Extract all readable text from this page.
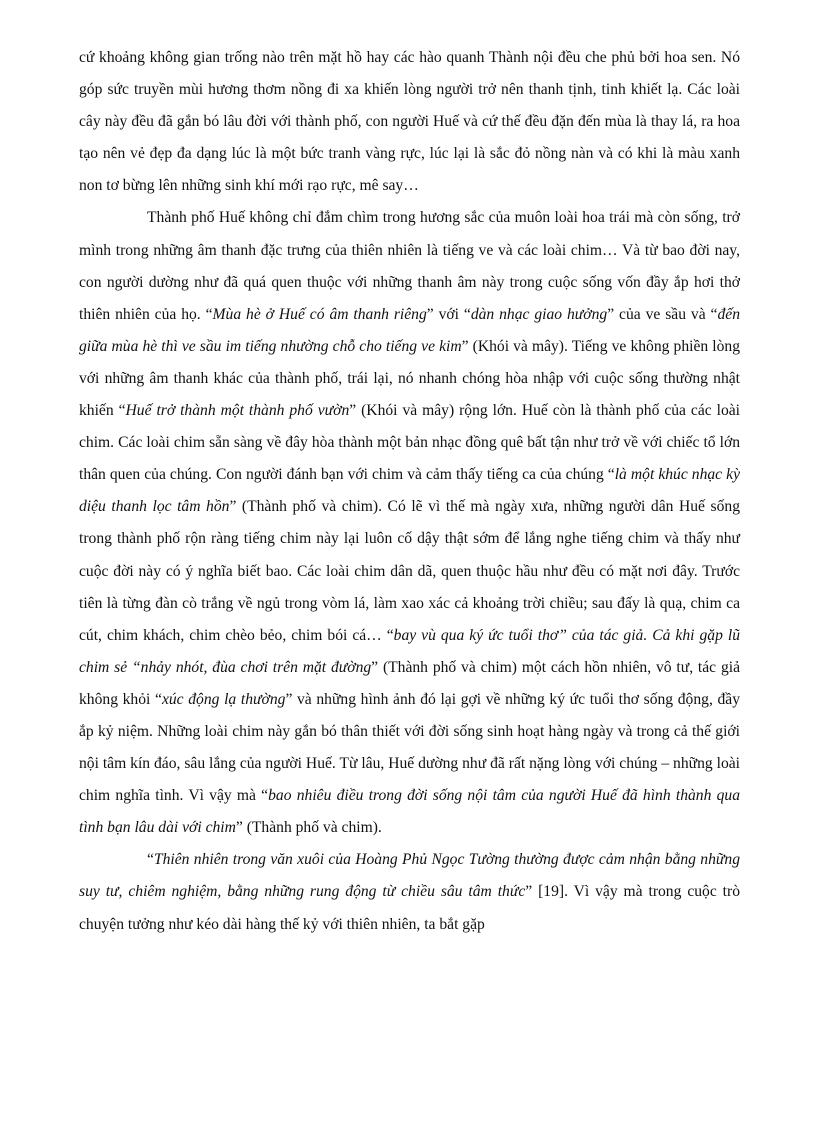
cứ khoảng không gian trống nào trên mặt hồ hay các hào quanh Thành nội đều che phủ bởi hoa sen. Nó góp sức truyền mùi hương thơm nồng đi xa khiến lòng người trở nên thanh tịnh, tinh khiết lạ. Các loài cây này đều đã gắn bó lâu đời với thành phố, con người Huế và cứ thế đều đặn đến mùa là thay lá, ra hoa tạo nên vẻ đẹp đa dạng lúc là một bức tranh vàng rực, lúc lại là sắc đỏ nồng nàn và có khi là màu xanh non tơ bừng lên những sinh khí mới rạo rực, mê say…

Thành phố Huế không chỉ đắm chìm trong hương sắc của muôn loài hoa trái mà còn sống, trở mình trong những âm thanh đặc trưng của thiên nhiên là tiếng ve và các loài chim… Và từ bao đời nay, con người dường như đã quá quen thuộc với những thanh âm này trong cuộc sống vốn đầy ắp hơi thở thiên nhiên của họ. “Mùa hè ở Huế có âm thanh riêng” với “dàn nhạc giao hưởng” của ve sầu và “đến giữa mùa hè thì ve sầu im tiếng nhường chỗ cho tiếng ve kim” (Khói và mây). Tiếng ve không phiền lòng với những âm thanh khác của thành phố, trái lại, nó nhanh chóng hòa nhập với cuộc sống thường nhật khiến “Huế trở thành một thành phố vườn” (Khói và mây) rộng lớn. Huế còn là thành phố của các loài chim. Các loài chim sẵn sàng về đây hòa thành một bản nhạc đồng quê bất tận như trở về với chiếc tổ lớn thân quen của chúng. Con người đánh bạn với chim và cảm thấy tiếng ca của chúng “là một khúc nhạc kỳ diệu thanh lọc tâm hồn” (Thành phố và chim). Có lẽ vì thế mà ngày xưa, những người dân Huế sống trong thành phố rộn ràng tiếng chim này lại luôn cố dậy thật sớm để lắng nghe tiếng chim và thấy như cuộc đời này có ý nghĩa biết bao. Các loài chim dân dã, quen thuộc hầu như đều có mặt nơi đây. Trước tiên là từng đàn cò trắng về ngủ trong vòm lá, làm xao xác cả khoảng trời chiều; sau đấy là quạ, chim ca cút, chim khách, chim chèo bẻo, chim bói cá… “bay vù qua ký ức tuổi thơ” của tác giả. Cả khi gặp lũ chim sẻ “nhảy nhót, đùa chơi trên mặt đường” (Thành phố và chim) một cách hồn nhiên, vô tư, tác giả không khỏi “xúc động lạ thường” và những hình ảnh đó lại gợi về những ký ức tuổi thơ sống động, đầy ắp kỷ niệm. Những loài chim này gắn bó thân thiết với đời sống sinh hoạt hàng ngày và trong cả thế giới nội tâm kín đáo, sâu lắng của người Huế. Từ lâu, Huế dường như đã rất nặng lòng với chúng – những loài chim nghĩa tình. Vì vậy mà “bao nhiêu điều trong đời sống nội tâm của người Huế đã hình thành qua tình bạn lâu dài với chim” (Thành phố và chim).

“Thiên nhiên trong văn xuôi của Hoàng Phủ Ngọc Tường thường được cảm nhận bằng những suy tư, chiêm nghiệm, bằng những rung động từ chiều sâu tâm thức” [19]. Vì vậy mà trong cuộc trò chuyện tưởng như kéo dài hàng thế kỷ với thiên nhiên, ta bắt gặp
